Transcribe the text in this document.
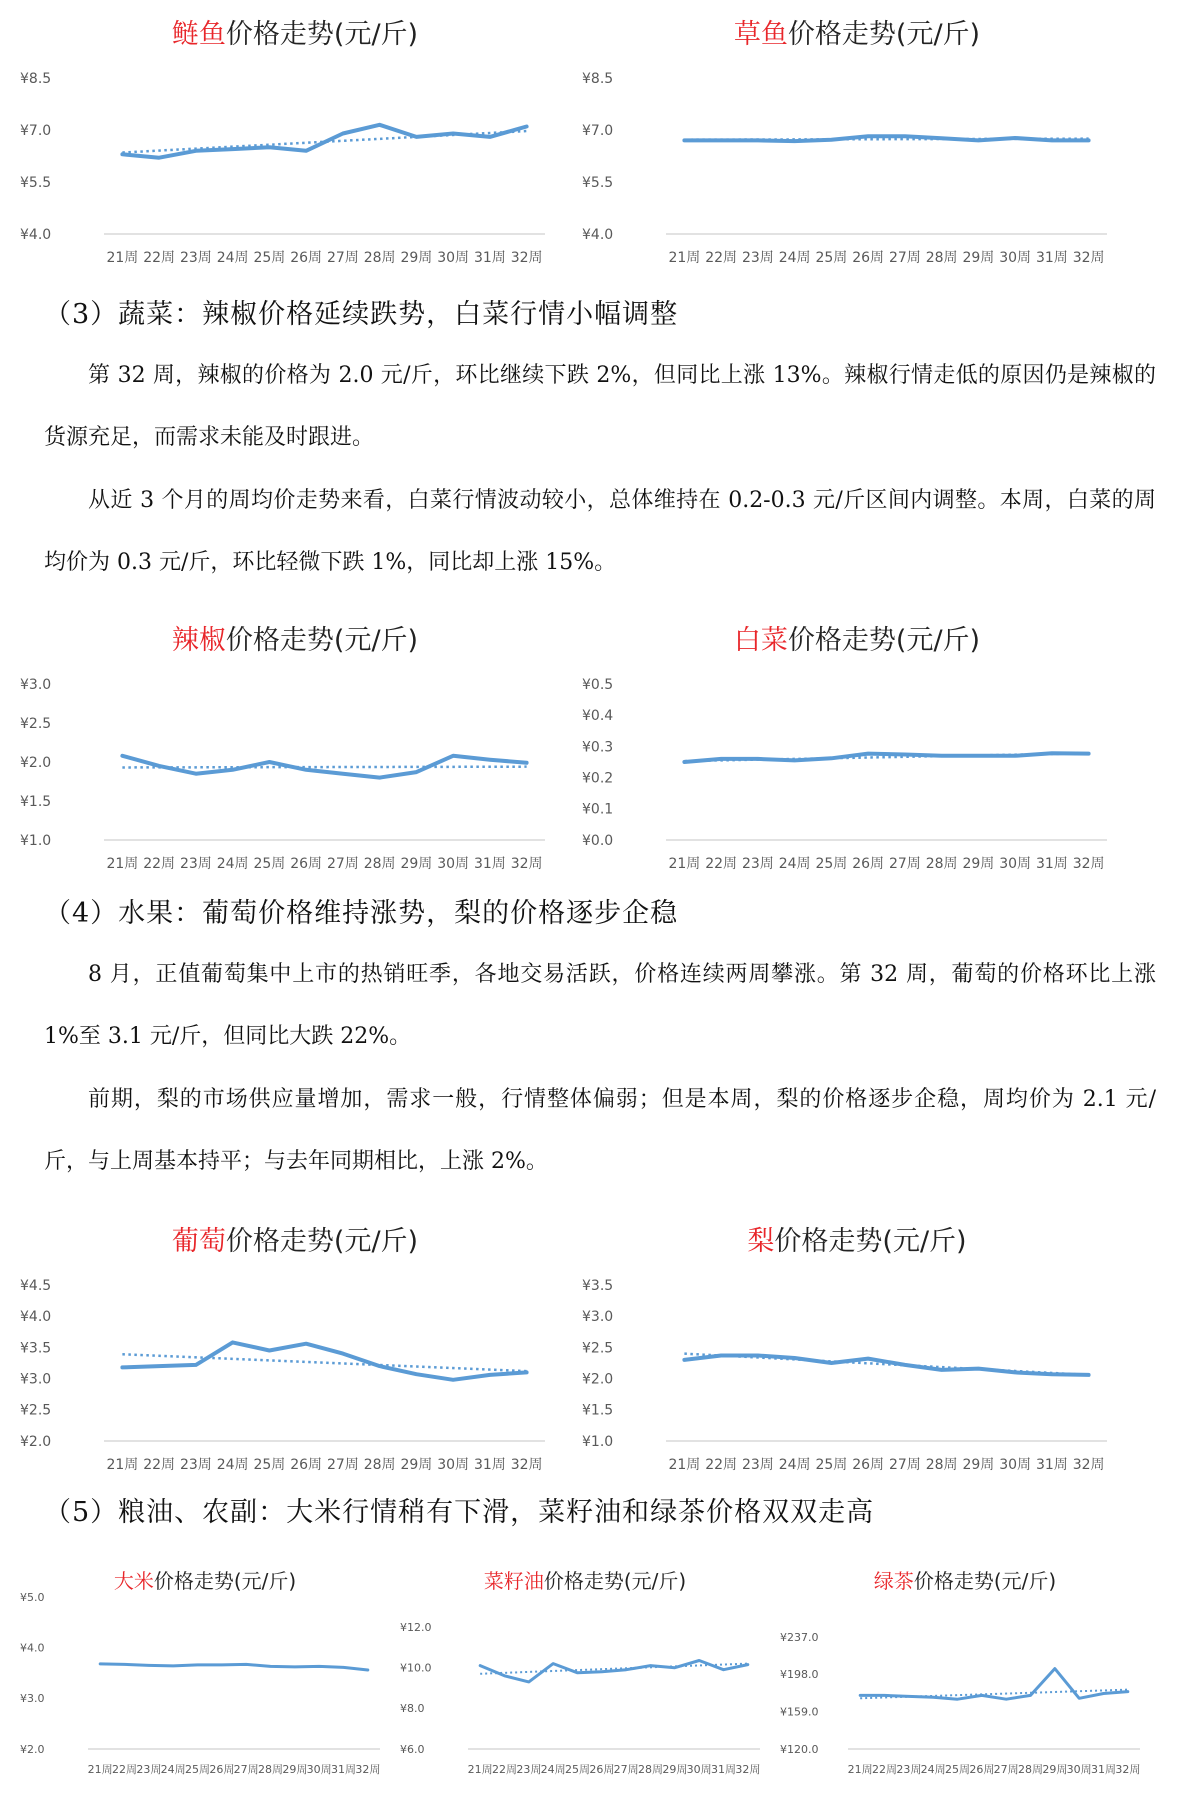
鲢鱼价格走势(元/斤)
¥4.0
¥5.5
¥7.0
¥8.5
21周 22周 23周 24周 25周 26周 27周 28周 29周 30周 31周 32周
草鱼价格走势(元/斤)
¥4.0
¥5.5
¥7.0
¥8.5
21周 22周 23周 24周 25周 26周 27周 28周 29周 30周 31周 32周
（3）蔬菜：辣椒价格延续跌势，白菜行情小幅调整
第 32 周，辣椒的价格为 2.0 元/斤，环比继续下跌 2%，但同比上涨 13%。辣椒行情走低的原因仍是辣椒的货源充足，而需求未能及时跟进。
从近 3 个月的周均价走势来看，白菜行情波动较小，总体维持在 0.2-0.3 元/斤区间内调整。本周，白菜的周均价为 0.3 元/斤，环比轻微下跌 1%，同比却上涨 15%。
辣椒价格走势(元/斤)
¥1.0
¥1.5
¥2.0
¥2.5
¥3.0
21周 22周 23周 24周 25周 26周 27周 28周 29周 30周 31周 32周
白菜价格走势(元/斤)
¥0.0
¥0.1
¥0.2
¥0.3
¥0.4
¥0.5
21周 22周 23周 24周 25周 26周 27周 28周 29周 30周 31周 32周
（4）水果：葡萄价格维持涨势，梨的价格逐步企稳
8 月，正值葡萄集中上市的热销旺季，各地交易活跃，价格连续两周攀涨。第 32 周，葡萄的价格环比上涨 1%至 3.1 元/斤，但同比大跌 22%。
前期，梨的市场供应量增加，需求一般，行情整体偏弱；但是本周，梨的价格逐步企稳，周均价为 2.1 元/斤，与上周基本持平；与去年同期相比，上涨 2%。
葡萄价格走势(元/斤)
¥2.0
¥2.5
¥3.0
¥3.5
¥4.0
¥4.5
21周 22周 23周 24周 25周 26周 27周 28周 29周 30周 31周 32周
梨价格走势(元/斤)
¥1.0
¥1.5
¥2.0
¥2.5
¥3.0
¥3.5
21周 22周 23周 24周 25周 26周 27周 28周 29周 30周 31周 32周
（5）粮油、农副：大米行情稍有下滑，菜籽油和绿茶价格双双走高
大米价格走势(元/斤)
¥2.0
¥3.0
¥4.0
¥5.0
21周 22周 23周 24周 25周 26周 27周 28周 29周 30周 31周 32周
菜籽油价格走势(元/斤)
¥6.0
¥8.0
¥10.0
¥12.0
21周 22周 23周 24周 25周 26周 27周 28周 29周 30周 31周 32周
绿茶价格走势(元/斤)
¥120.0
¥159.0
¥198.0
¥237.0
21周 22周 23周 24周 25周 26周 27周 28周 29周 30周 31周 32周
